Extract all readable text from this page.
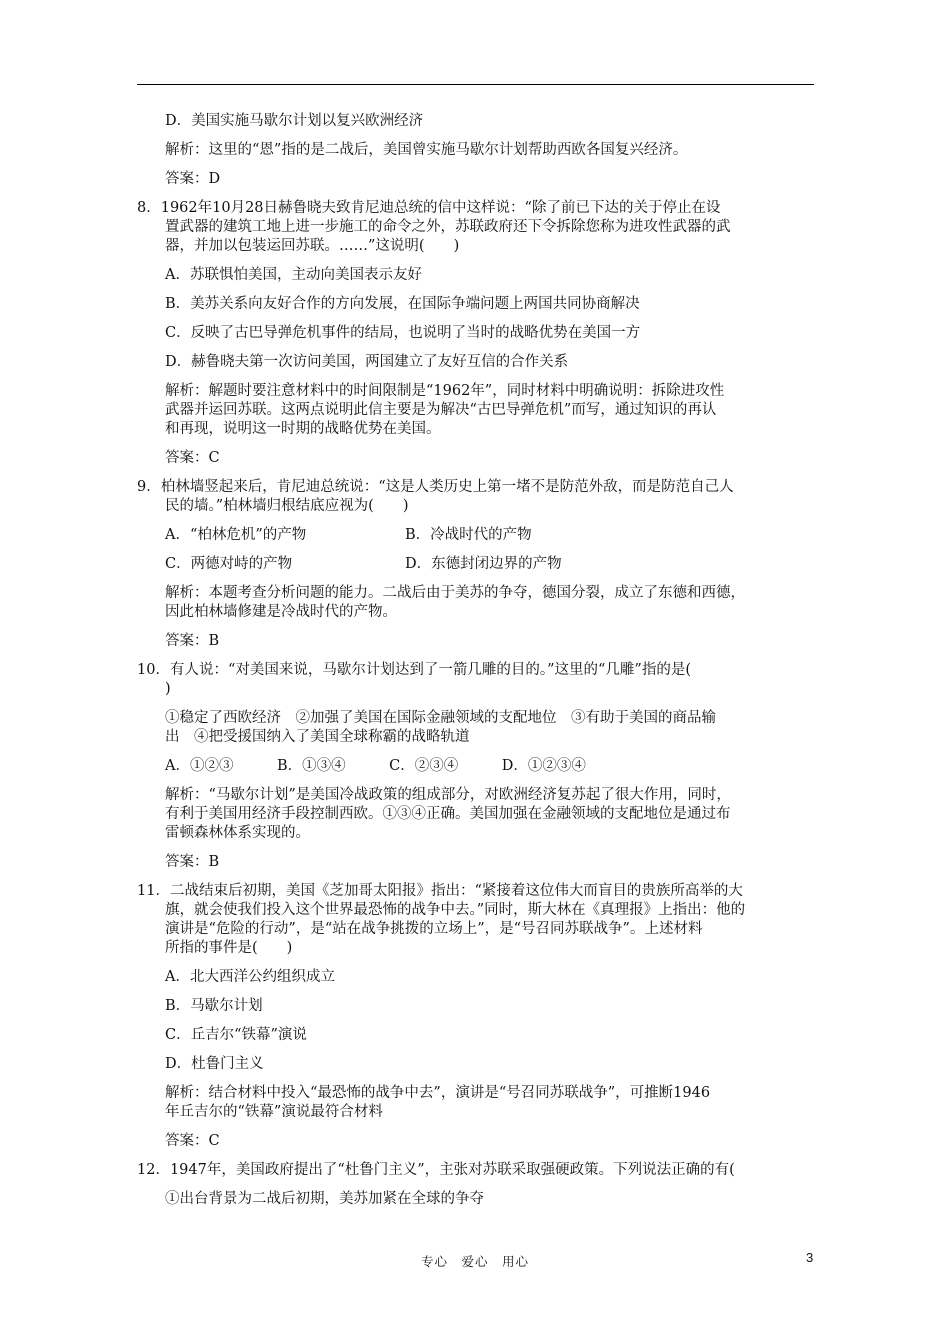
D．美国实施马歇尔计划以复兴欧洲经济

解析：这里的“恩”指的是二战后，美国曾实施马歇尔计划帮助西欧各国复兴经济。

答案：D

8．1962年10月28日赫鲁晓夫致肯尼迪总统的信中这样说：“除了前已下达的关于停止在设

置武器的建筑工地上进一步施工的命令之外，苏联政府还下令拆除您称为进攻性武器的武

器，并加以包装运回苏联。……”这说明(　　)

A．苏联惧怕美国，主动向美国表示友好

B．美苏关系向友好合作的方向发展，在国际争端问题上两国共同协商解决

C．反映了古巴导弹危机事件的结局，也说明了当时的战略优势在美国一方

D．赫鲁晓夫第一次访问美国，两国建立了友好互信的合作关系

解析：解题时要注意材料中的时间限制是“1962年”，同时材料中明确说明：拆除进攻性

武器并运回苏联。这两点说明此信主要是为解决“古巴导弹危机”而写，通过知识的再认

和再现，说明这一时期的战略优势在美国。

答案：C

9．柏林墙竖起来后，肯尼迪总统说：“这是人类历史上第一堵不是防范外敌，而是防范自己人

民的墙。”柏林墙归根结底应视为(　　)

A．“柏林危机”的产物	B．冷战时代的产物
C．两德对峙的产物	D．东德封闭边界的产物

解析：本题考查分析问题的能力。二战后由于美苏的争夺，德国分裂，成立了东德和西德，

因此柏林墙修建是冷战时代的产物。

答案：B

10．有人说：“对美国来说，马歇尔计划达到了一箭几雕的目的。”这里的“几雕”指的是(

)

①稳定了西欧经济　②加强了美国在国际金融领域的支配地位　③有助于美国的商品输

出　④把受援国纳入了美国全球称霸的战略轨道

A．①②③　　　B．①③④　　　C．②③④　　　D．①②③④

解析：“马歇尔计划”是美国冷战政策的组成部分，对欧洲经济复苏起了很大作用，同时，

有利于美国用经济手段控制西欧。①③④正确。美国加强在金融领域的支配地位是通过布

雷顿森林体系实现的。

答案：B

11．二战结束后初期，美国《芝加哥太阳报》指出：“紧接着这位伟大而盲目的贵族所高举的大

旗，就会使我们投入这个世界最恐怖的战争中去。”同时，斯大林在《真理报》上指出：他的

演讲是“危险的行动”，是“站在战争挑拨的立场上”，是“号召同苏联战争”。上述材料

所指的事件是(　　)

A．北大西洋公约组织成立

B．马歇尔计划

C．丘吉尔“铁幕”演说

D．杜鲁门主义

解析：结合材料中投入“最恐怖的战争中去”，演讲是“号召同苏联战争”，可推断1946

年丘吉尔的“铁幕”演说最符合材料

答案：C

12．1947年，美国政府提出了“杜鲁门主义”，主张对苏联采取强硬政策。下列说法正确的有(

①出台背景为二战后初期，美苏加紧在全球的争夺

专心　爱心　用心	3
